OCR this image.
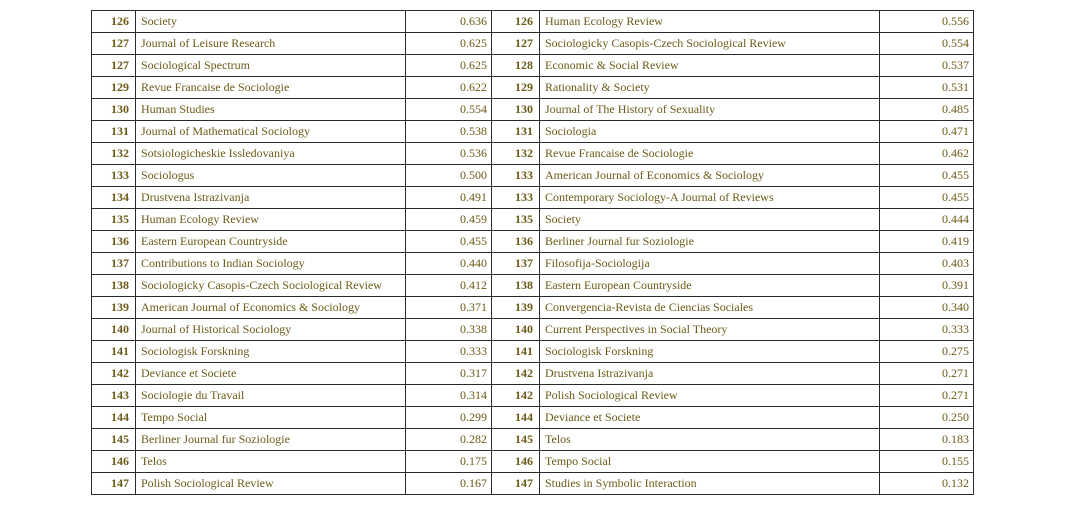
126	Society	0.636	126	Human Ecology Review	0.556
127	Journal of Leisure Research	0.625	127	Sociologicky Casopis-Czech Sociological Review	0.554
127	Sociological Spectrum	0.625	128	Economic & Social Review	0.537
129	Revue Francaise de Sociologie	0.622	129	Rationality & Society	0.531
130	Human Studies	0.554	130	Journal of The History of Sexuality	0.485
131	Journal of Mathematical Sociology	0.538	131	Sociologia	0.471
132	Sotsiologicheskie Issledovaniya	0.536	132	Revue Francaise de Sociologie	0.462
133	Sociologus	0.500	133	American Journal of Economics & Sociology	0.455
134	Drustvena Istrazivanja	0.491	133	Contemporary Sociology-A Journal of Reviews	0.455
135	Human Ecology Review	0.459	135	Society	0.444
136	Eastern European Countryside	0.455	136	Berliner Journal fur Soziologie	0.419
137	Contributions to Indian Sociology	0.440	137	Filosofija-Sociologija	0.403
138	Sociologicky Casopis-Czech Sociological Review	0.412	138	Eastern European Countryside	0.391
139	American Journal of Economics & Sociology	0.371	139	Convergencia-Revista de Ciencias Sociales	0.340
140	Journal of Historical Sociology	0.338	140	Current Perspectives in Social Theory	0.333
141	Sociologisk Forskning	0.333	141	Sociologisk Forskning	0.275
142	Deviance et Societe	0.317	142	Drustvena Istrazivanja	0.271
143	Sociologie du Travail	0.314	142	Polish Sociological Review	0.271
144	Tempo Social	0.299	144	Deviance et Societe	0.250
145	Berliner Journal fur Soziologie	0.282	145	Telos	0.183
146	Telos	0.175	146	Tempo Social	0.155
147	Polish Sociological Review	0.167	147	Studies in Symbolic Interaction	0.132
